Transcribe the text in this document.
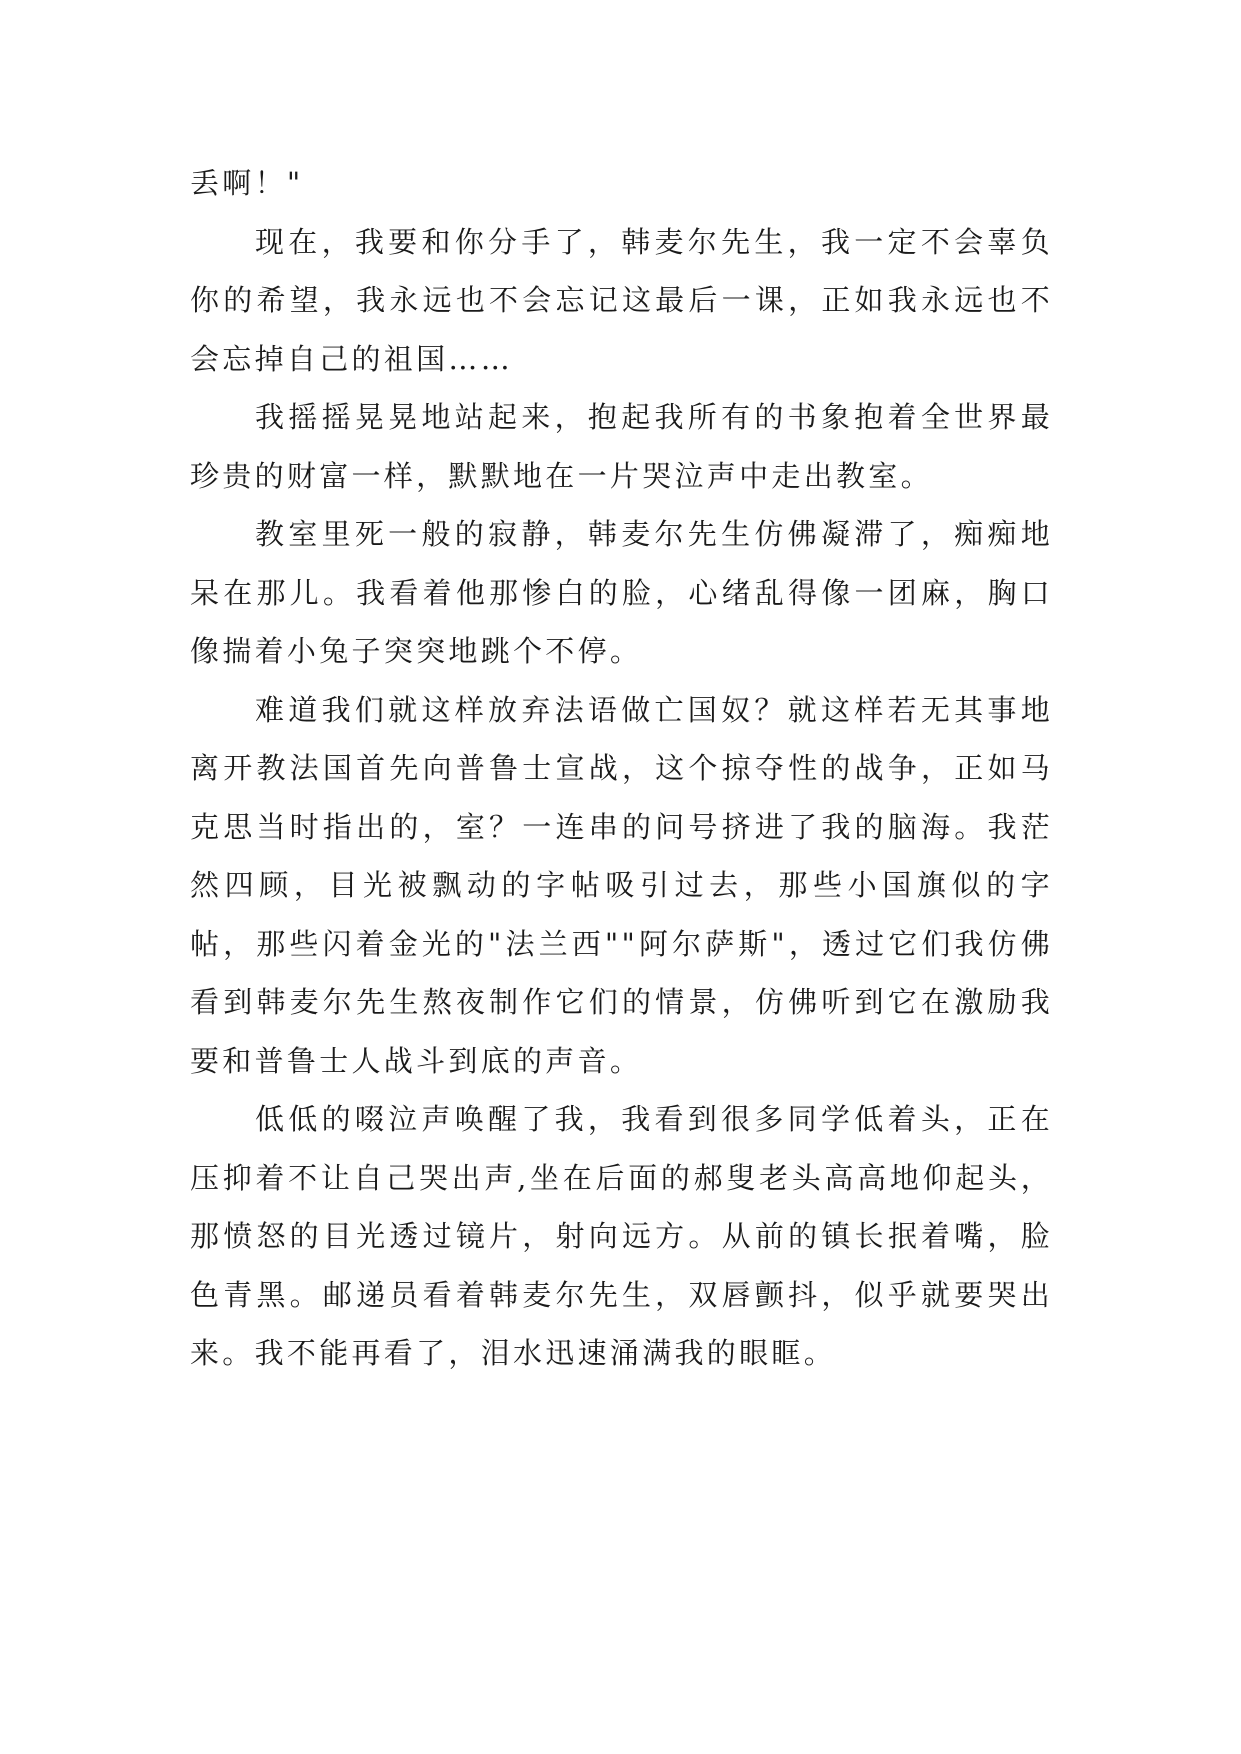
丢啊！"

现在，我要和你分手了，韩麦尔先生，我一定不会辜负你的希望，我永远也不会忘记这最后一课，正如我永远也不会忘掉自己的祖国……

我摇摇晃晃地站起来，抱起我所有的书象抱着全世界最珍贵的财富一样，默默地在一片哭泣声中走出教室。

教室里死一般的寂静，韩麦尔先生仿佛凝滞了，痴痴地呆在那儿。我看着他那惨白的脸，心绪乱得像一团麻，胸口像揣着小兔子突突地跳个不停。

难道我们就这样放弃法语做亡国奴？就这样若无其事地离开教法国首先向普鲁士宣战，这个掠夺性的战争，正如马克思当时指出的，室？一连串的问号挤进了我的脑海。我茫然四顾，目光被飘动的字帖吸引过去，那些小国旗似的字帖，那些闪着金光的"法兰西""阿尔萨斯"，透过它们我仿佛看到韩麦尔先生熬夜制作它们的情景，仿佛听到它在激励我要和普鲁士人战斗到底的声音。

低低的啜泣声唤醒了我，我看到很多同学低着头，正在压抑着不让自己哭出声,坐在后面的郝叟老头高高地仰起头，那愤怒的目光透过镜片，射向远方。从前的镇长抿着嘴，脸色青黑。邮递员看着韩麦尔先生，双唇颤抖，似乎就要哭出来。我不能再看了，泪水迅速涌满我的眼眶。
